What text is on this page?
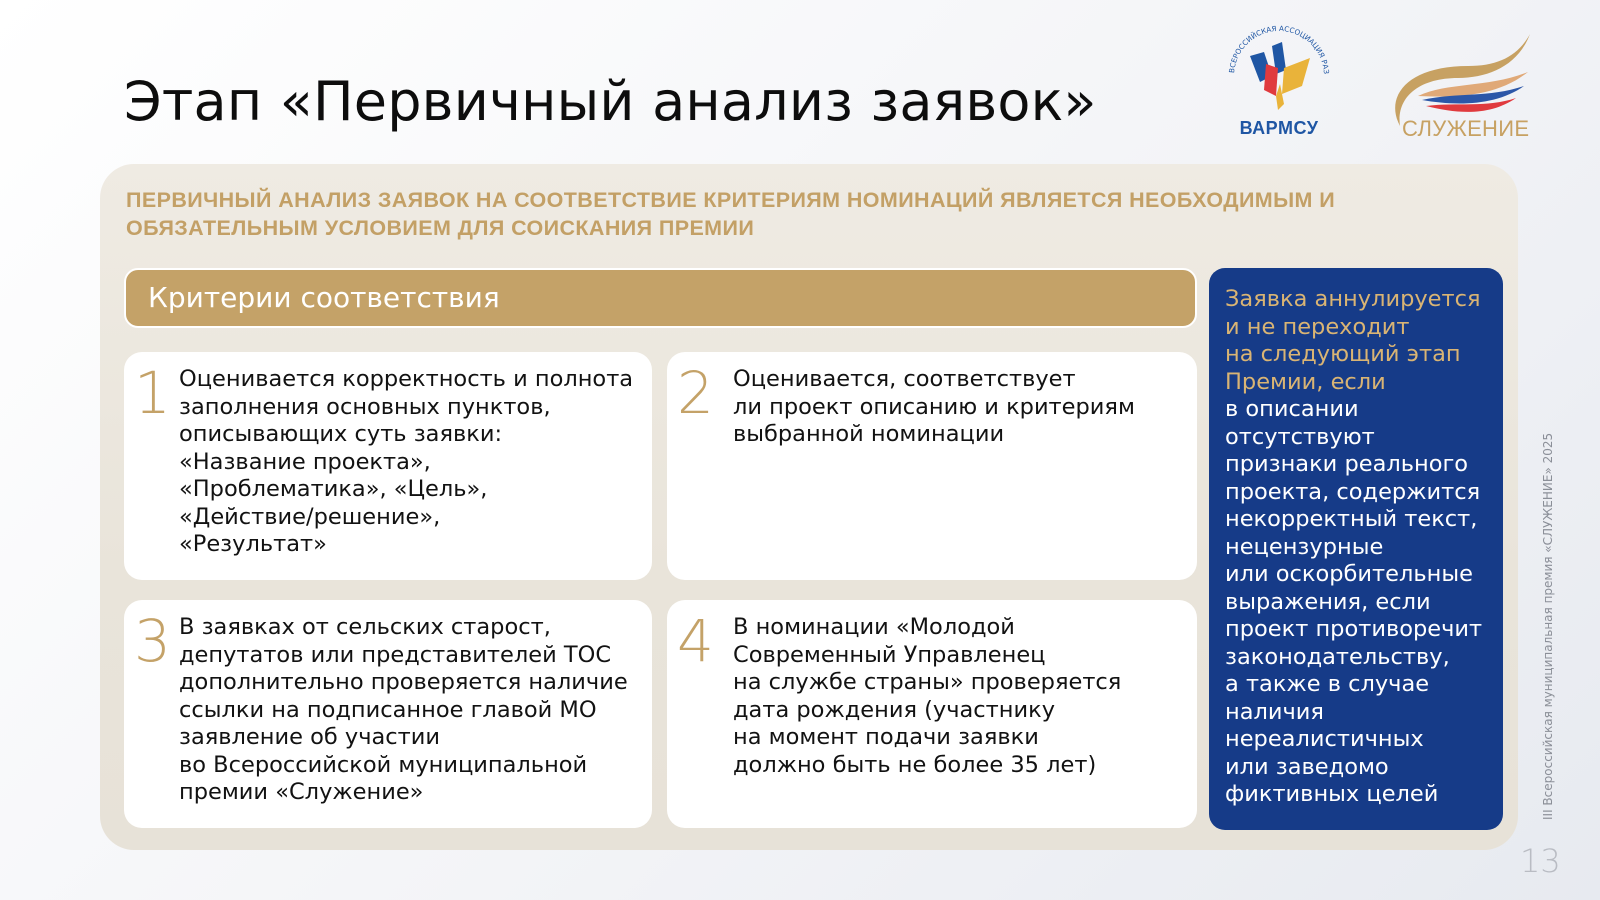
Этап «Первичный анализ заявок»	ВСЕРОССИЙСКАЯ АССОЦИАЦИЯ РАЗ
ВАРМСУ	СЛУЖЕНИЕ
ПЕРВИЧНЫЙ АНАЛИЗ ЗАЯВОК НА СООТВЕТСТВИЕ КРИТЕРИЯМ НОМИНАЦИЙ ЯВЛЯЕТСЯ НЕОБХОДИМЫМ И ОБЯЗАТЕЛЬНЫМ УСЛОВИЕМ ДЛЯ СОИСКАНИЯ ПРЕМИИ
Критерии соответствия
1 Оценивается корректность и полнота
заполнения основных пунктов,
описывающих суть заявки:
«Название проекта»,
«Проблематика», «Цель»,
«Действие/решение»,
«Результат»
2 Оценивается, соответствует
ли проект описанию и критериям
выбранной номинации
3 В заявках от сельских старост,
депутатов или представителей ТОС
дополнительно проверяется наличие
ссылки на подписанное главой МО
заявление об участии
во Всероссийской муниципальной
премии «Служение»
4 В номинации «Молодой
Современный Управленец
на службе страны» проверяется
дата рождения (участнику
на момент подачи заявки
должно быть не более 35 лет)
Заявка аннулируется
и не переходит
на следующий этап
Премии, если
в описании
отсутствуют
признаки реального
проекта, содержится
некорректный текст,
нецензурные
или оскорбительные
выражения, если
проект противоречит
законодательству,
а также в случае
наличия
нереалистичных
или заведомо
фиктивных целей	III Всероссийская муниципальная премия «СЛУЖЕНИЕ» 2025
13
